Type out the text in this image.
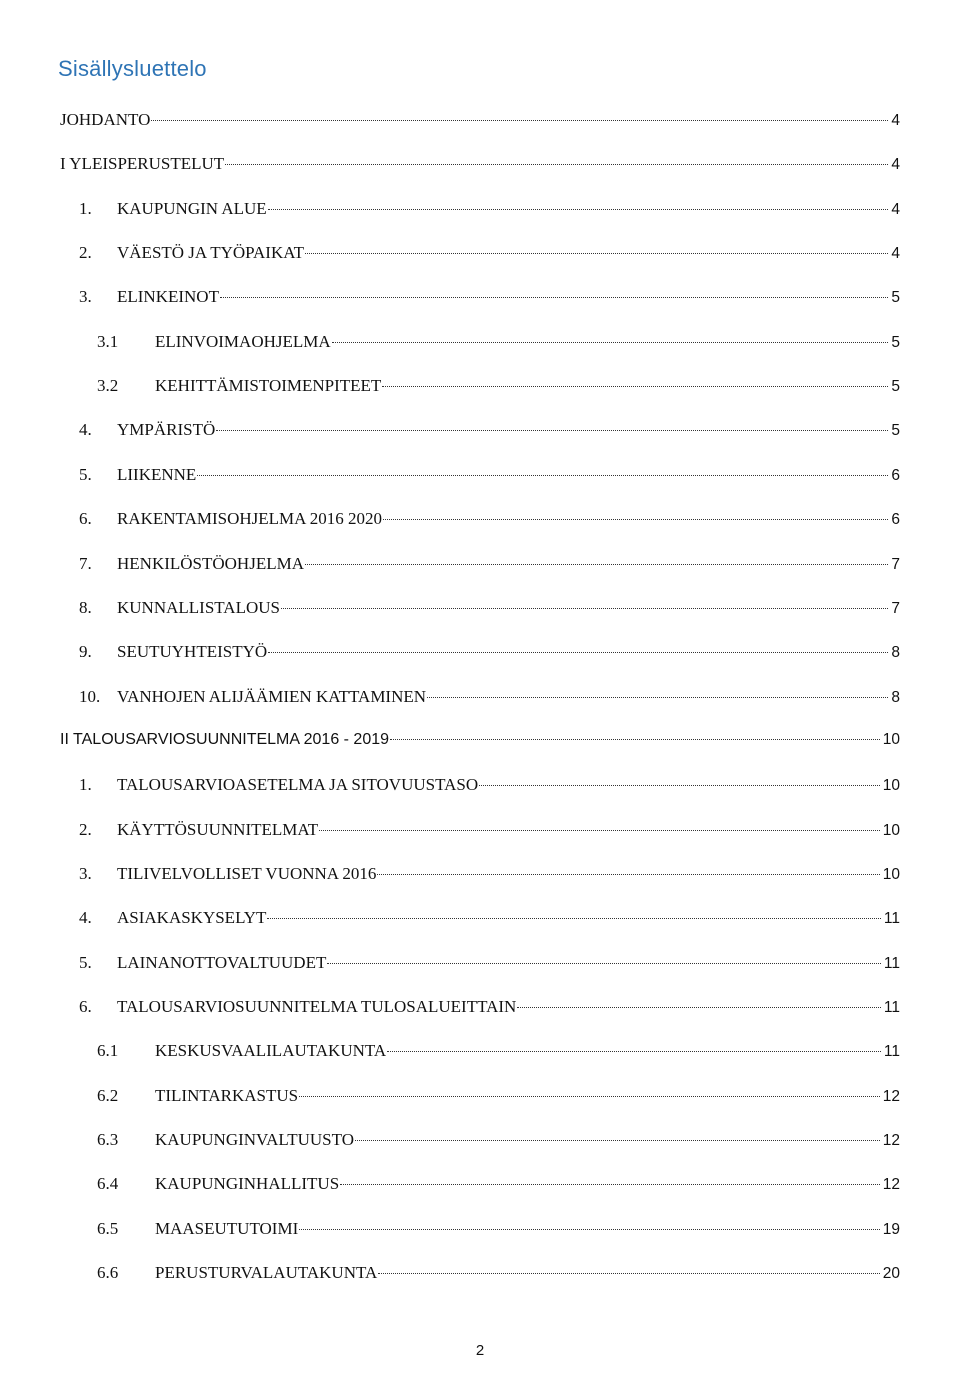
Sisällysluettelo
JOHDANTO	4
I YLEISPERUSTELUT	4
1.	KAUPUNGIN ALUE	4
2.	VÄESTÖ JA TYÖPAIKAT	4
3.	ELINKEINOT	5
3.1	ELINVOIMAOHJELMA	5
3.2	KEHITTÄMISTOIMENPITEET	5
4.	YMPÄRISTÖ	5
5.	LIIKENNE	6
6.	RAKENTAMISOHJELMA 2016 2020	6
7.	HENKILÖSTÖOHJELMA	7
8.	KUNNALLISTALOUS	7
9.	SEUTUYHTEISTYÖ	8
10. VANHOJEN ALIJÄÄMIEN KATTAMINEN	8
II TALOUSARVIOSUUNNITELMA 2016 - 2019	10
1.	TALOUSARVIOASETELMA JA SITOVUUSTASO	10
2.	KÄYTTÖSUUNNITELMAT	10
3.	TILIVELVOLLISET VUONNA 2016	10
4.	ASIAKASKYSELYT	11
5.	LAINANOTTOVALTUUDET	11
6.	TALOUSARVIOSUUNNITELMA TULOSALUEITTAIN	11
6.1	KESKUSVAALILAUTAKUNTA	11
6.2	TILINTARKASTUS	12
6.3	KAUPUNGINVALTUUSTO	12
6.4	KAUPUNGINHALLITUS	12
6.5	MAASEUTUTOIMI	19
6.6	PERUSTURVALAUTAKUNTA	20
2
